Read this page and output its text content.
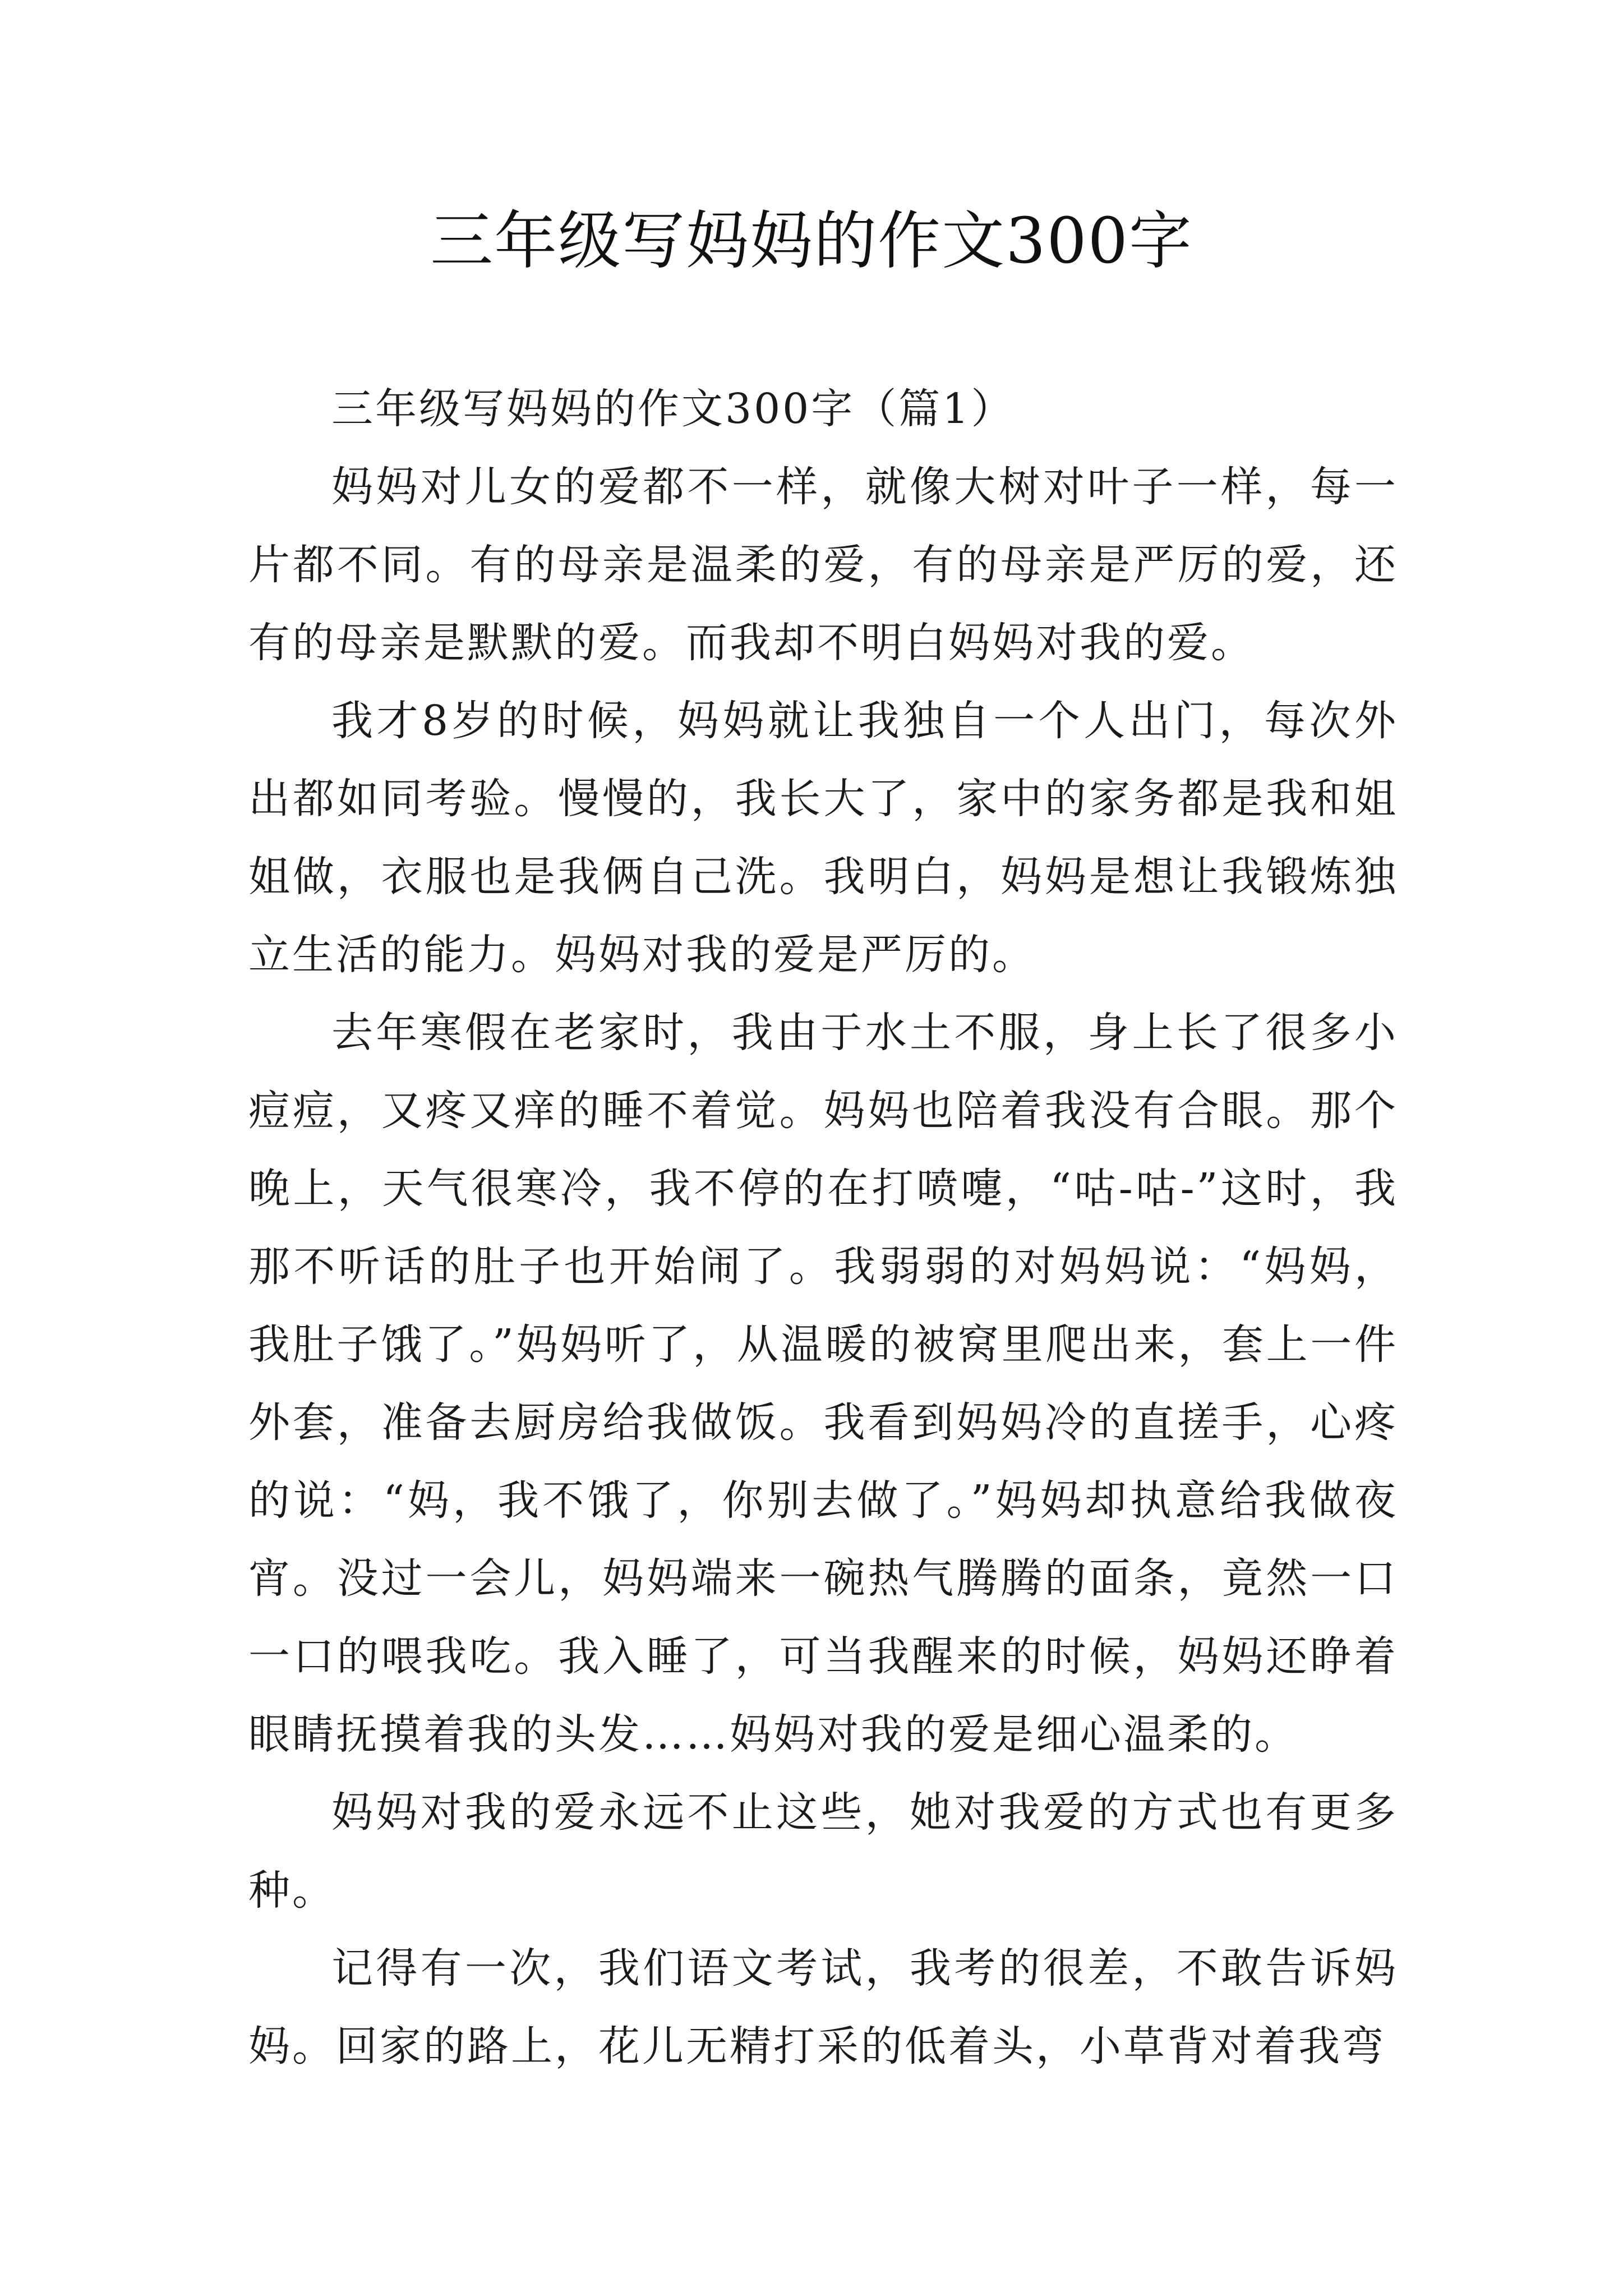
三年级写妈妈的作文300字

三年级写妈妈的作文300字（篇1）

妈妈对儿女的爱都不一样，就像大树对叶子一样，每一片都不同。有的母亲是温柔的爱，有的母亲是严厉的爱，还有的母亲是默默的爱。而我却不明白妈妈对我的爱。

我才8岁的时候，妈妈就让我独自一个人出门，每次外出都如同考验。慢慢的，我长大了，家中的家务都是我和姐姐做，衣服也是我俩自己洗。我明白，妈妈是想让我锻炼独立生活的能力。妈妈对我的爱是严厉的。

去年寒假在老家时，我由于水土不服，身上长了很多小痘痘，又疼又痒的睡不着觉。妈妈也陪着我没有合眼。那个晚上，天气很寒冷，我不停的在打喷嚏，“咕-咕-”这时，我那不听话的肚子也开始闹了。我弱弱的对妈妈说：“妈妈，我肚子饿了。”妈妈听了，从温暖的被窝里爬出来，套上一件外套，准备去厨房给我做饭。我看到妈妈冷的直搓手，心疼的说：“妈，我不饿了，你别去做了。”妈妈却执意给我做夜宵。没过一会儿，妈妈端来一碗热气腾腾的面条，竟然一口一口的喂我吃。我入睡了，可当我醒来的时候，妈妈还睁着眼睛抚摸着我的头发……妈妈对我的爱是细心温柔的。

妈妈对我的爱永远不止这些，她对我爱的方式也有更多种。

记得有一次，我们语文考试，我考的很差，不敢告诉妈妈。回家的路上，花儿无精打采的低着头，小草背对着我弯
